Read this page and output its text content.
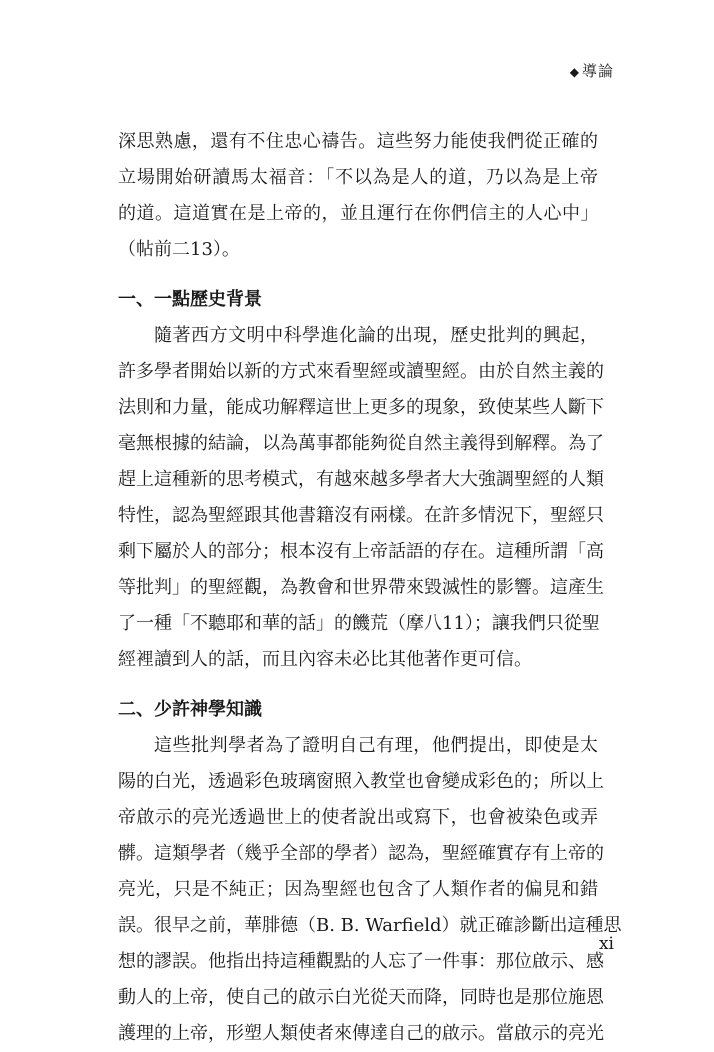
◆ 導論
深思熟慮，還有不住忠心禱告。這些努力能使我們從正確的
立場開始研讀馬太福音：「不以為是人的道，乃以為是上帝
的道。這道實在是上帝的，並且運行在你們信主的人心中」
（帖前二13）。
一、一點歷史背景
隨著西方文明中科學進化論的出現，歷史批判的興起，
許多學者開始以新的方式來看聖經或讀聖經。由於自然主義的
法則和力量，能成功解釋這世上更多的現象，致使某些人斷下
毫無根據的結論，以為萬事都能夠從自然主義得到解釋。為了
趕上這種新的思考模式，有越來越多學者大大強調聖經的人類
特性，認為聖經跟其他書籍沒有兩樣。在許多情況下，聖經只
剩下屬於人的部分；根本沒有上帝話語的存在。這種所謂「高
等批判」的聖經觀，為教會和世界帶來毀滅性的影響。這產生
了一種「不聽耶和華的話」的饑荒（摩八11）；讓我們只從聖
經裡讀到人的話，而且內容未必比其他著作更可信。
二、少許神學知識
這些批判學者為了證明自己有理，他們提出，即使是太
陽的白光，透過彩色玻璃窗照入教堂也會變成彩色的；所以上
帝啟示的亮光透過世上的使者說出或寫下，也會被染色或弄
髒。這類學者（幾乎全部的學者）認為，聖經確實存有上帝的
亮光，只是不純正；因為聖經也包含了人類作者的偏見和錯
誤。很早之前，華腓德（B. B. Warfield）就正確診斷出這種思
想的謬誤。他指出持這種觀點的人忘了一件事：那位啟示、感
動人的上帝，使自己的啟示白光從天而降，同時也是那位施恩
護理的上帝，形塑人類使者來傳達自己的啟示。當啟示的亮光
xi
